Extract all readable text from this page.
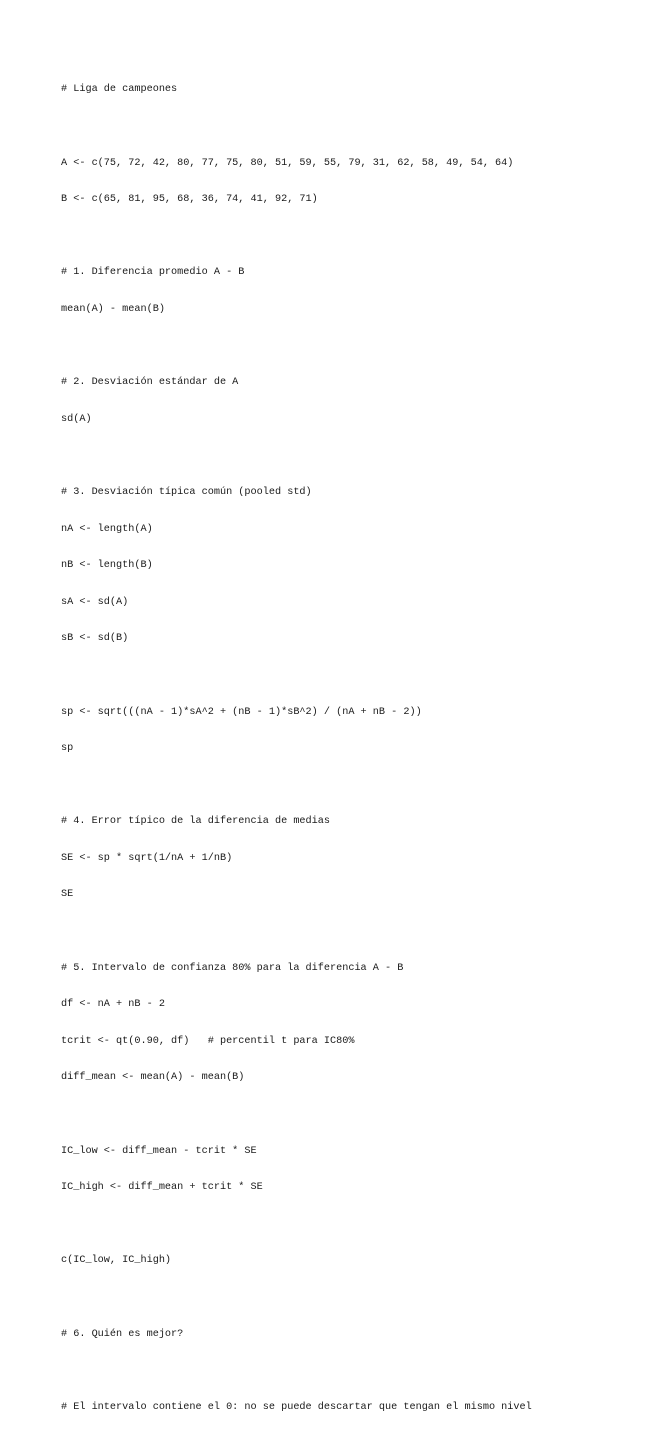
# Liga de campeones

A <- c(75, 72, 42, 80, 77, 75, 80, 51, 59, 55, 79, 31, 62, 58, 49, 54, 64)

B <- c(65, 81, 95, 68, 36, 74, 41, 92, 71)

# 1. Diferencia promedio A - B

mean(A) - mean(B)

# 2. Desviación estándar de A

sd(A)

# 3. Desviación típica común (pooled std)

nA <- length(A)

nB <- length(B)

sA <- sd(A)

sB <- sd(B)

sp <- sqrt(((nA - 1)*sA^2 + (nB - 1)*sB^2) / (nA + nB - 2))

sp

# 4. Error típico de la diferencia de medias

SE <- sp * sqrt(1/nA + 1/nB)

SE

# 5. Intervalo de confianza 80% para la diferencia A - B

df <- nA + nB - 2

tcrit <- qt(0.90, df)   # percentil t para IC80%

diff_mean <- mean(A) - mean(B)

IC_low <- diff_mean - tcrit * SE

IC_high <- diff_mean + tcrit * SE

c(IC_low, IC_high)

# 6. Quién es mejor?

# El intervalo contiene el 0: no se puede descartar que tengan el mismo nivel
